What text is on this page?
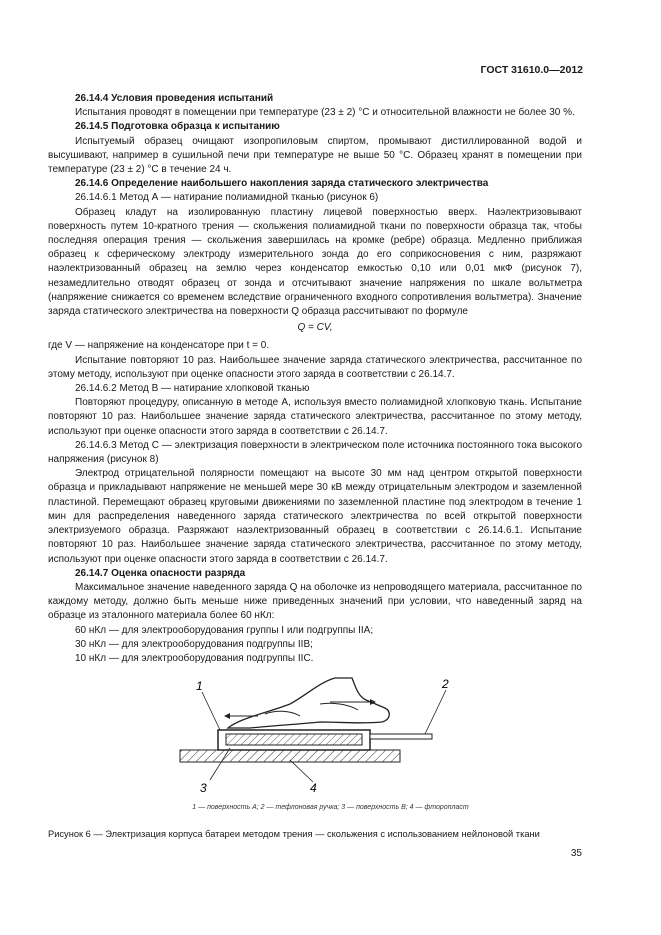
ГОСТ 31610.0—2012

26.14.4 Условия проведения испытаний

Испытания проводят в помещении при температуре (23 ± 2) °С и относительной влажности не более 30 %.

26.14.5 Подготовка образца к испытанию

Испытуемый образец очищают изопропиловым спиртом, промывают дистиллированной водой и высушивают, например в сушильной печи при температуре не выше 50 °С. Образец хранят в помещении при температуре (23 ± 2) °С в течение 24 ч.

26.14.6 Определение наибольшего накопления заряда статического электричества

26.14.6.1 Метод А — натирание полиамидной тканью (рисунок 6)

Образец кладут на изолированную пластину лицевой поверхностью вверх. Наэлектризовывают поверхность путем 10-кратного трения — скольжения полиамидной ткани по поверхности образца так, чтобы последняя операция трения — скольжения завершилась на кромке (ребре) образца. Медленно приближая образец к сферическому электроду измерительного зонда до его соприкосновения с ним, разряжают наэлектризованный образец на землю через конденсатор емкостью 0,10 или 0,01 мкФ (рисунок 7), незамедлительно отводят образец от зонда и отсчитывают значение напряжения по шкале вольтметра (напряжение снижается со временем вследствие ограниченного входного сопротивления вольтметра). Значение заряда статического электричества на поверхности Q образца рассчитывают по формуле

Q = CV,

где V — напряжение на конденсаторе при t = 0.

Испытание повторяют 10 раз. Наибольшее значение заряда статического электричества, рассчитанное по этому методу, используют при оценке опасности этого заряда в соответствии с 26.14.7.

26.14.6.2 Метод В — натирание хлопковой тканью

Повторяют процедуру, описанную в методе А, используя вместо полиамидной хлопковую ткань. Испытание повторяют 10 раз. Наибольшее значение заряда статического электричества, рассчитанное по этому методу, используют при оценке опасности этого заряда в соответствии с 26.14.7.

26.14.6.3 Метод С — электризация поверхности в электрическом поле источника постоянного тока высокого напряжения (рисунок 8)

Электрод отрицательной полярности помещают на высоте 30 мм над центром открытой поверхности образца и прикладывают напряжение не меньшей мере 30 кВ между отрицательным электродом и заземленной пластиной. Перемещают образец круговыми движениями по заземленной пластине под электродом в течение 1 мин для распределения наведенного заряда статического электричества по всей открытой поверхности электризуемого образца. Разряжают наэлектризованный образец в соответствии с 26.14.6.1. Испытание повторяют 10 раз. Наибольшее значение заряда статического электричества, рассчитанное по этому методу, используют при оценке опасности этого заряда в соответствии с 26.14.7.

26.14.7 Оценка опасности разряда

Максимальное значение наведенного заряда Q на оболочке из непроводящего материала, рассчитанное по каждому методу, должно быть меньше ниже приведенных значений при условии, что наведенный заряд на образце из эталонного материала более 60 нКл:

60 нКл — для электрооборудования группы I или подгруппы IIA;

30 нКл — для электрооборудования подгруппы IIB;

10 нКл — для электрооборудования подгруппы IIC.

1	2
3	4
1 — поверхность А; 2 — тефлоновая ручка; 3 — поверхность В; 4 — фторопласт
Рисунок 6 — Электризация корпуса батареи методом трения — скольжения с использованием нейлоновой ткани
35
